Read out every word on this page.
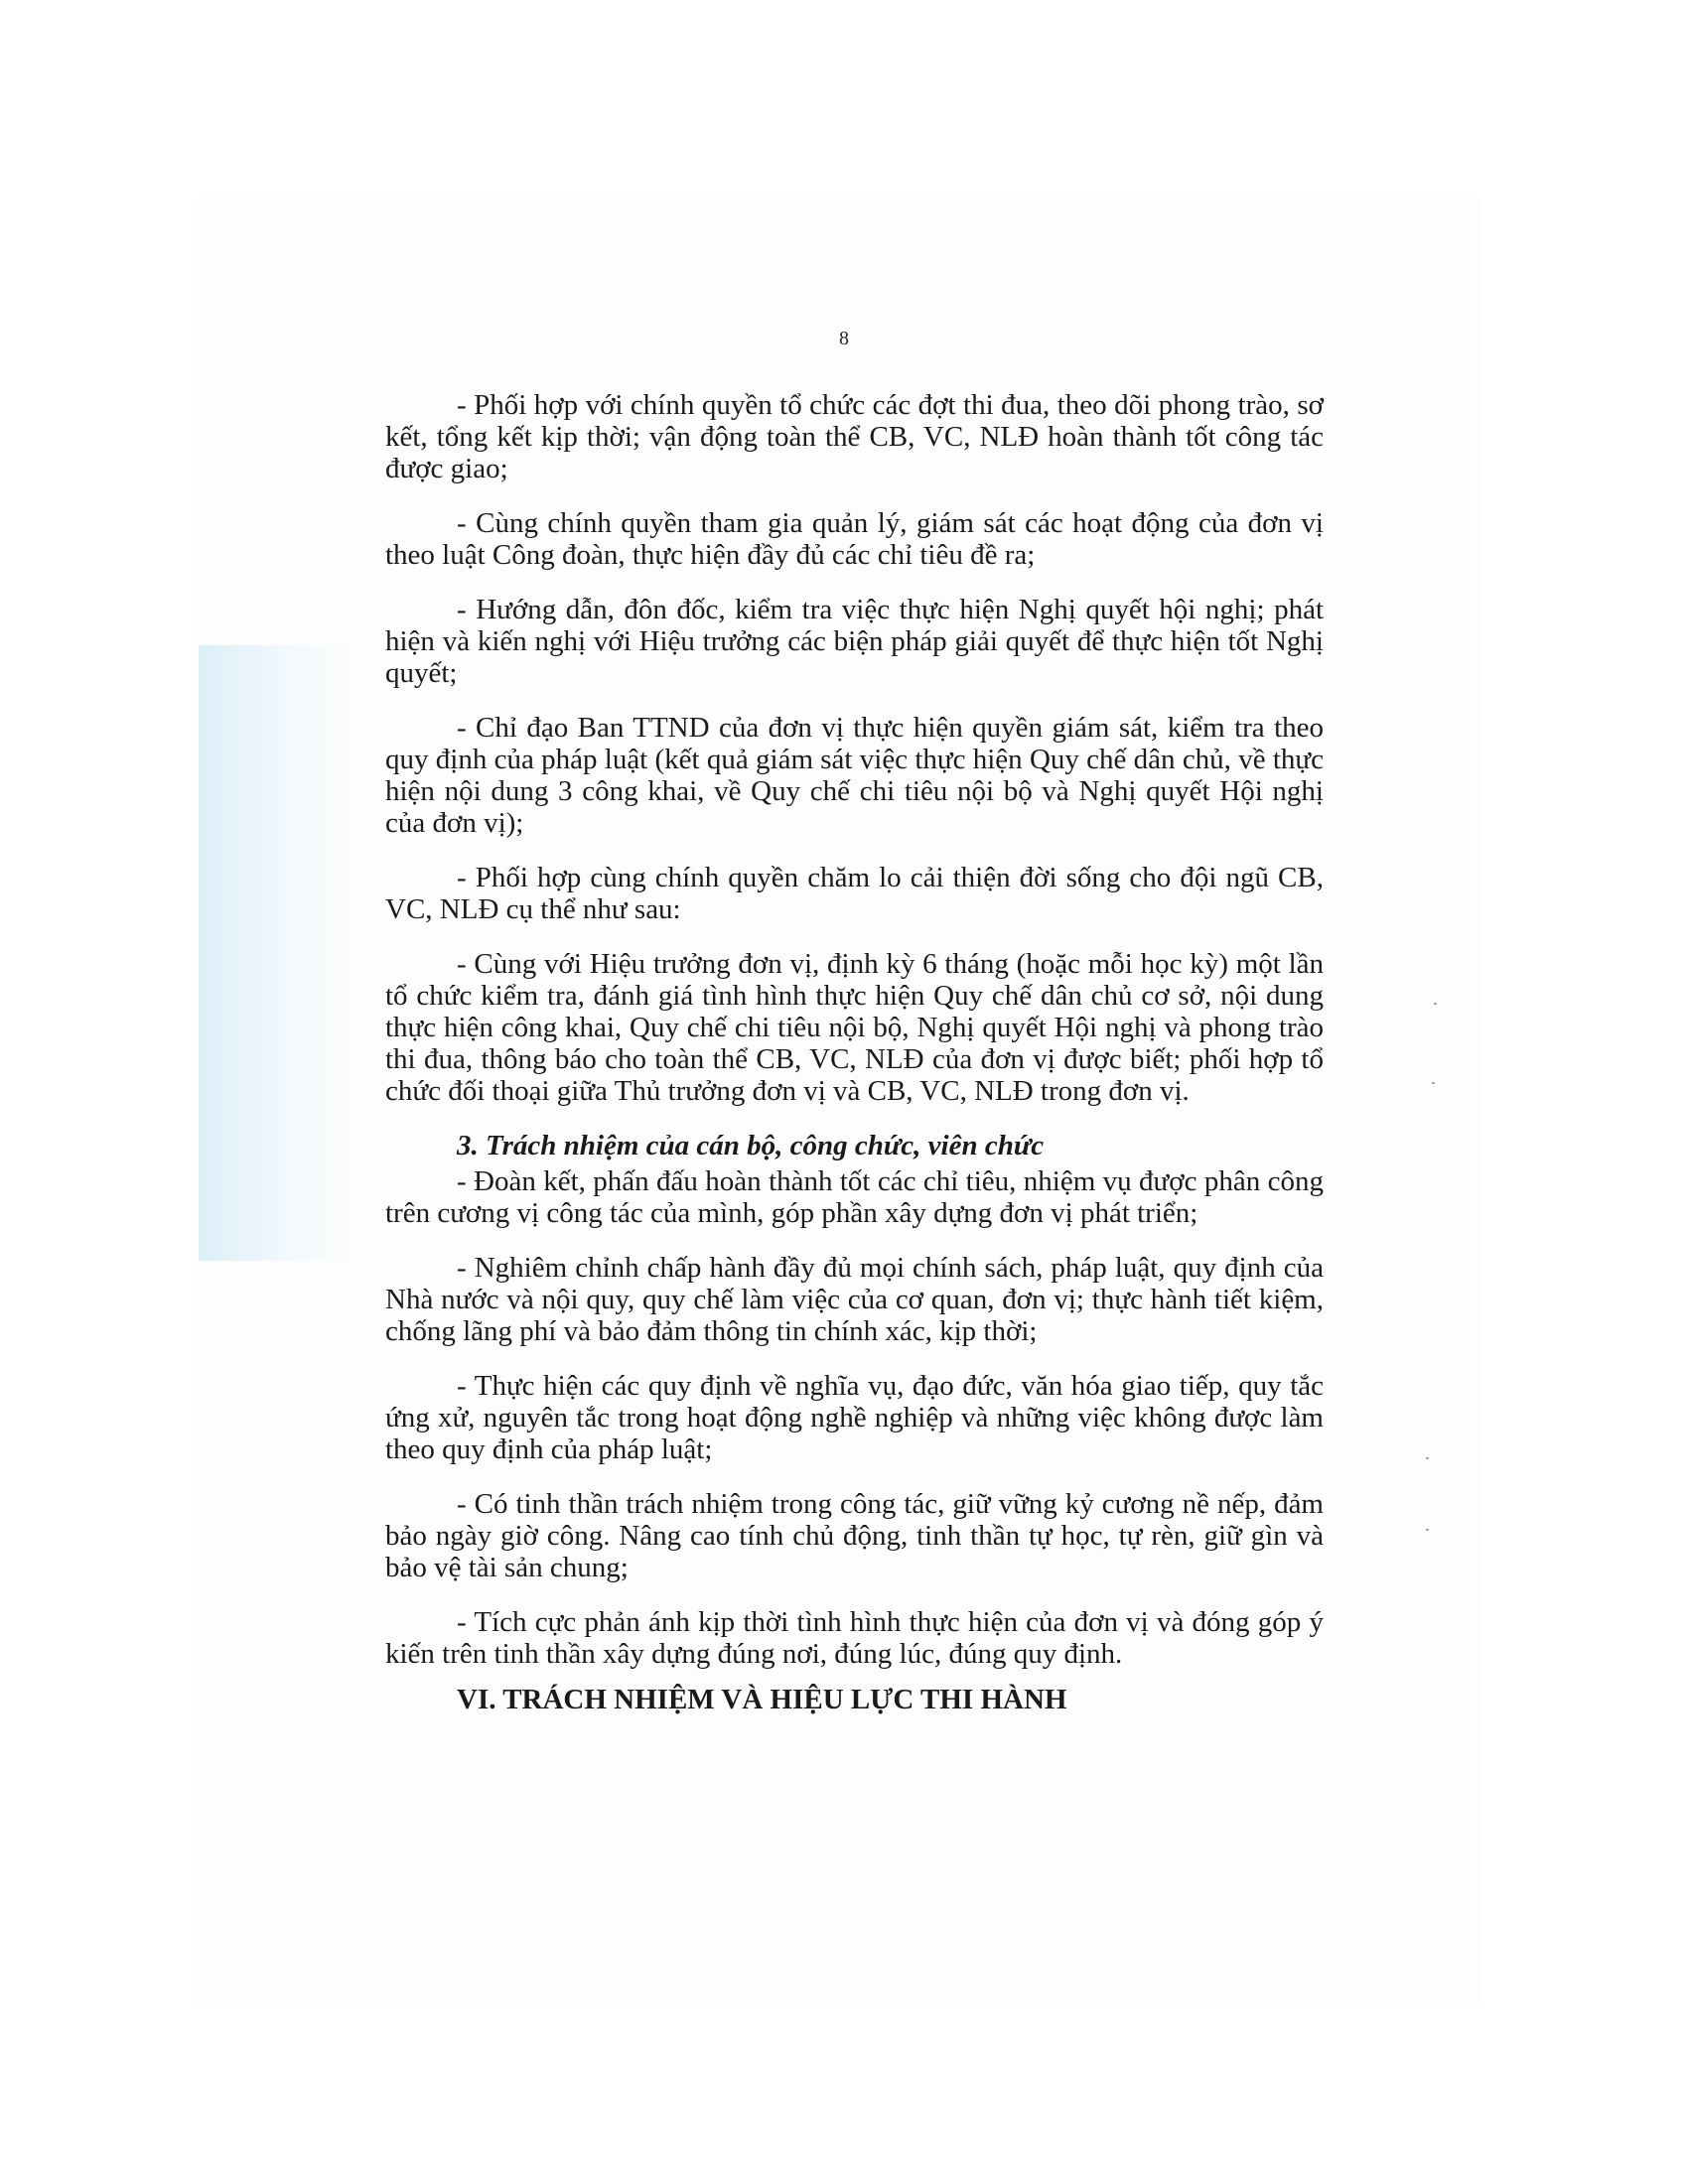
8

- Phối hợp với chính quyền tổ chức các đợt thi đua, theo dõi phong trào, sơ kết, tổng kết kịp thời; vận động toàn thể CB, VC, NLĐ hoàn thành tốt công tác được giao;

- Cùng chính quyền tham gia quản lý, giám sát các hoạt động của đơn vị theo luật Công đoàn, thực hiện đầy đủ các chỉ tiêu đề ra;

- Hướng dẫn, đôn đốc, kiểm tra việc thực hiện Nghị quyết hội nghị; phát hiện và kiến nghị với Hiệu trưởng các biện pháp giải quyết để thực hiện tốt Nghị quyết;

- Chỉ đạo Ban TTND của đơn vị thực hiện quyền giám sát, kiểm tra theo quy định của pháp luật (kết quả giám sát việc thực hiện Quy chế dân chủ, về thực hiện nội dung 3 công khai, về Quy chế chi tiêu nội bộ và Nghị quyết Hội nghị của đơn vị);

- Phối hợp cùng chính quyền chăm lo cải thiện đời sống cho đội ngũ CB, VC, NLĐ cụ thể như sau:

- Cùng với Hiệu trưởng đơn vị, định kỳ 6 tháng (hoặc mỗi học kỳ) một lần tổ chức kiểm tra, đánh giá tình hình thực hiện Quy chế dân chủ cơ sở, nội dung thực hiện công khai, Quy chế chi tiêu nội bộ, Nghị quyết Hội nghị và phong trào thi đua, thông báo cho toàn thể CB, VC, NLĐ của đơn vị được biết; phối hợp tổ chức đối thoại giữa Thủ trưởng đơn vị và CB, VC, NLĐ trong đơn vị.

3. Trách nhiệm của cán bộ, công chức, viên chức

- Đoàn kết, phấn đấu hoàn thành tốt các chỉ tiêu, nhiệm vụ được phân công trên cương vị công tác của mình, góp phần xây dựng đơn vị phát triển;

- Nghiêm chỉnh chấp hành đầy đủ mọi chính sách, pháp luật, quy định của Nhà nước và nội quy, quy chế làm việc của cơ quan, đơn vị; thực hành tiết kiệm, chống lãng phí và bảo đảm thông tin chính xác, kịp thời;

- Thực hiện các quy định về nghĩa vụ, đạo đức, văn hóa giao tiếp, quy tắc ứng xử, nguyên tắc trong hoạt động nghề nghiệp và những việc không được làm theo quy định của pháp luật;

- Có tinh thần trách nhiệm trong công tác, giữ vững kỷ cương nề nếp, đảm bảo ngày giờ công. Nâng cao tính chủ động, tinh thần tự học, tự rèn, giữ gìn và bảo vệ tài sản chung;

- Tích cực phản ánh kịp thời tình hình thực hiện của đơn vị và đóng góp ý kiến trên tinh thần xây dựng đúng nơi, đúng lúc, đúng quy định.

VI. TRÁCH NHIỆM VÀ HIỆU LỰC THI HÀNH
